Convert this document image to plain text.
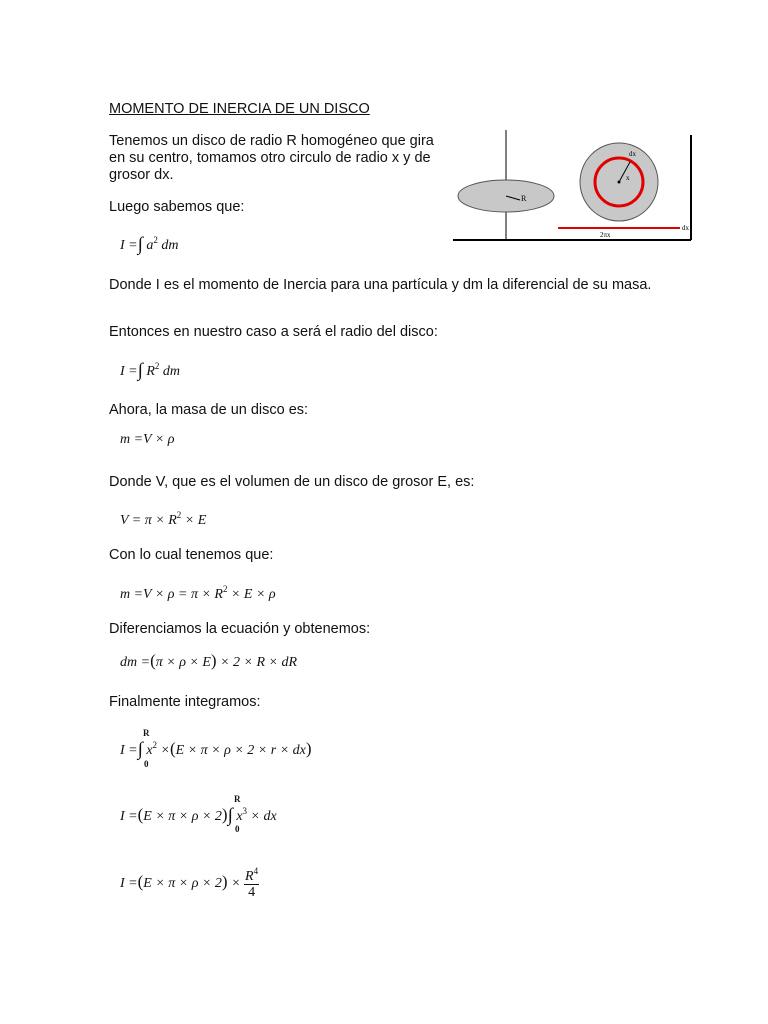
MOMENTO DE INERCIA DE UN DISCO

Tenemos un disco de radio R homogéneo que gira en su centro, tomamos otro circulo de radio x y de grosor dx.

R
dx
x
2πx
dx

Luego sabemos que:

I =∫ $a^2$ dm

Donde I es el momento de Inercia para una partícula y dm la diferencial de su masa.

Entonces en nuestro caso a será el radio del disco:

I =∫ $R^2$ dm

Ahora, la masa de un disco es:

m =V × ρ

Donde V, que es el volumen de un disco de grosor E, es:

$V = \pi \times R^2 \times E$

Con lo cual tenemos que:

$m =V \times \rho = \pi \times R^2 \times E \times \rho$

Diferenciamos la ecuación y obtenemos:

dm =(π × ρ × E) × 2 × R × dR

Finalmente integramos:

I =∫
R
0
$x^2 \times(E \times \pi \times \rho \times 2 \times r \times dx)$
I =(E × π × ρ × 2)∫
R
0
$x^3$ × dx
$I =(E \times \pi \times \rho \times 2) \times \frac{R^4}{4}$
